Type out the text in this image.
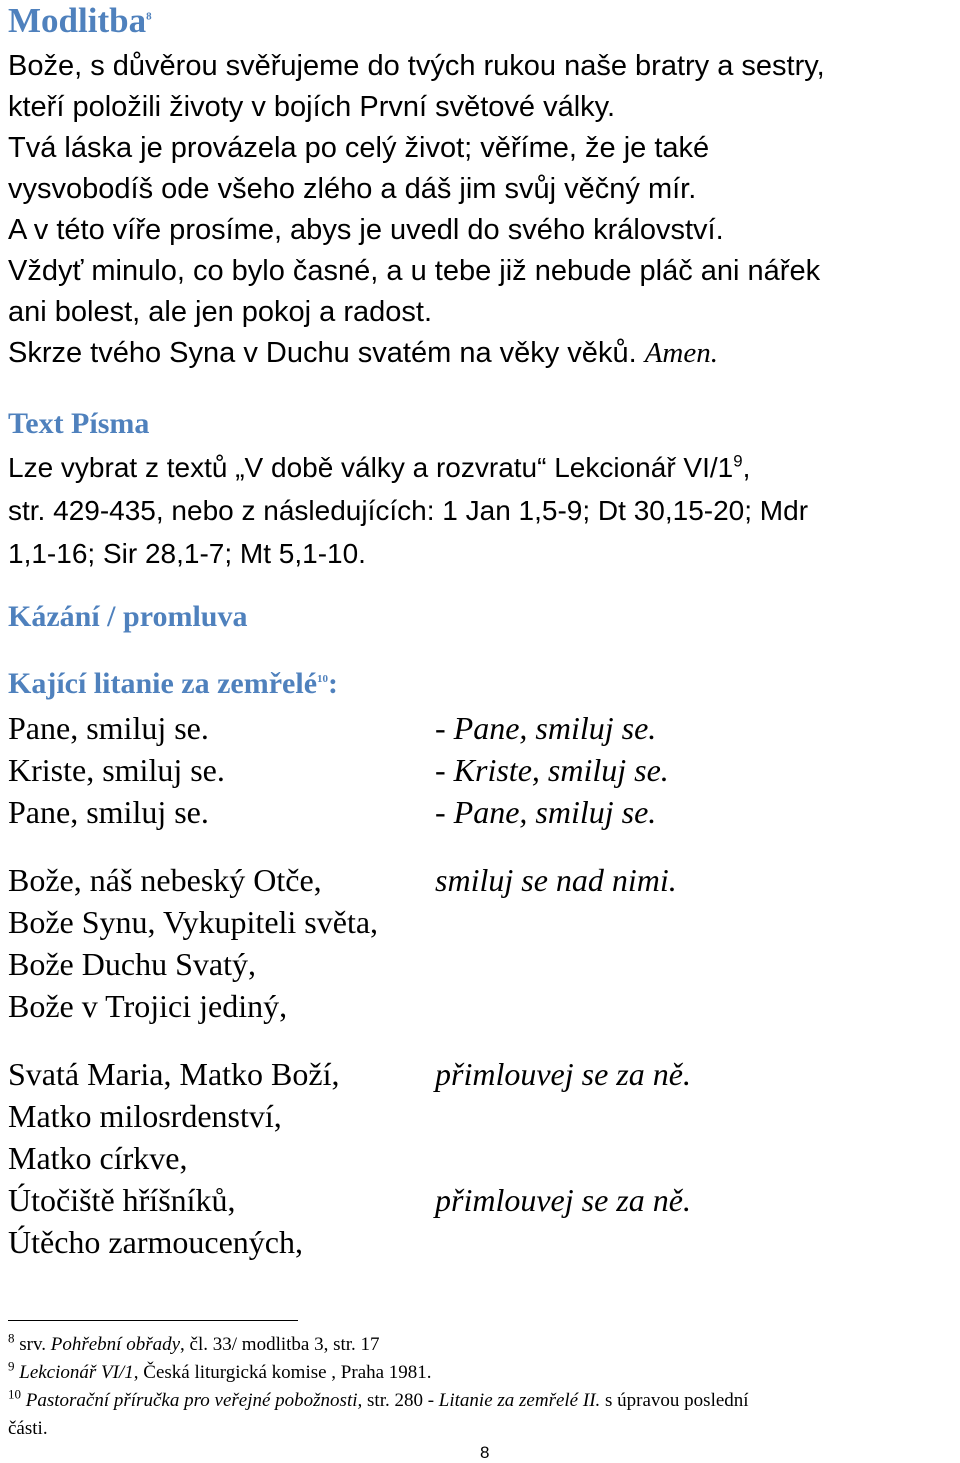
Modlitba$^8$
Bože, s důvěrou svěřujeme do tvých rukou naše bratry a sestry,
kteří položili životy v bojích První světové války.
Tvá láska je provázela po celý život; věříme, že je také
vysvobodíš ode všeho zlého a dáš jim svůj věčný mír.
A v této víře prosíme, abys je uvedl do svého království.
Vždyť minulo, co bylo časné, a u tebe již nebude pláč ani nářek
ani bolest, ale jen pokoj a radost.
Skrze tvého Syna v Duchu svatém na věky věků. Amen.
Text Písma
Lze vybrat z textů „V době války a rozvratu“ Lekcionář $VI/1^9$,
str. 429-435, nebo z následujících: 1 Jan 1,5-9; Dt 30,15-20; Mdr
1,1-16; Sir 28,1-7; Mt 5,1-10.
Kázání / promluva
Kající litanie za zemřelé$^{10}$:
Pane, smiluj se.	- Pane, smiluj se.
Kriste, smiluj se.	- Kriste, smiluj se.
Pane, smiluj se.	- Pane, smiluj se.
Bože, náš nebeský Otče,	smiluj se nad nimi.
Bože Synu, Vykupiteli světa,
Bože Duchu Svatý,
Bože v Trojici jediný,
Svatá Maria, Matko Boží,	přimlouvej se za ně.
Matko milosrdenství,
Matko církve,
Útočiště hříšníků,	přimlouvej se za ně.
Útěcho zarmoucených,
$^8$ srv. Pohřební obřady, čl. 33/ modlitba 3, str. 17
$^9$ Lekcionář VI/1, Česká liturgická komise , Praha 1981.
$^{10}$ Pastorační příručka pro veřejné pobožnosti, str. 280 - Litanie za zemřelé II. s úpravou poslední
části.
8
